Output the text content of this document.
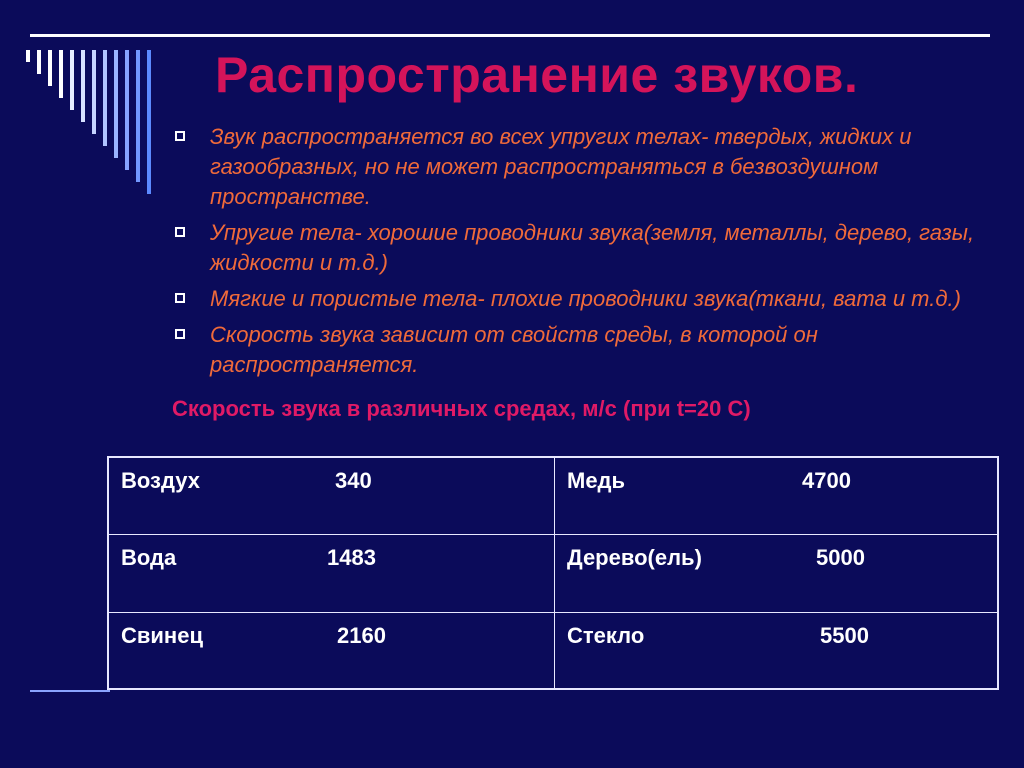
Распространение звуков.
Звук распространяется во всех упругих телах- твердых, жидких и газообразных, но не может распространяться в безвоздушном пространстве.
Упругие тела- хорошие проводники звука(земля, металлы, дерево, газы, жидкости и т.д.)
Мягкие и пористые тела- плохие проводники звука(ткани, вата и т.д.)
Скорость звука зависит от свойств среды, в которой он распространяется.
Скорость звука в различных средах, м/с (при t=20 С)
Воздух	340	Медь	4700
Вода	1483	Дерево(ель)	5000
Свинец	2160	Стекло	5500
